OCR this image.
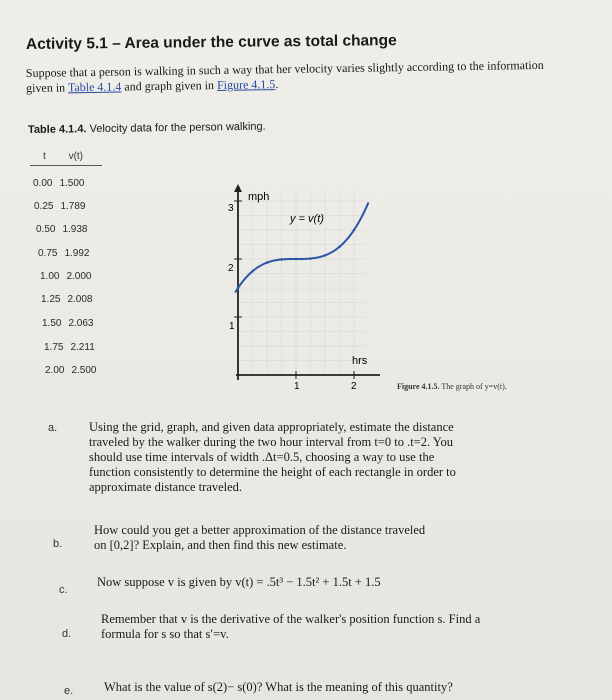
Activity 5.1 – Area under the curve as total change
Suppose that a person is walking in such a way that her velocity varies slightly according to the information given in Table 4.1.4 and graph given in Figure 4.1.5.
Table 4.1.4. Velocity data for the person walking.
t v(t)
0.00 1.500
0.25 1.789
0.50 1.938
0.75 1.992
1.00 2.000
1.25 2.008
1.50 2.063
1.75 2.211
2.00 2.500
mph
hrs
y = v(t)
3
2
1
1	2	Figure 4.1.5. The graph of y=v(t).
a.	Using the grid, graph, and given data appropriately, estimate the distance
traveled by the walker during the two hour interval from t=0 to .t=2. You
should use time intervals of width .Δt=0.5, choosing a way to use the
function consistently to determine the height of each rectangle in order to
approximate distance traveled.
b.
How could you get a better approximation of the distance traveled
on [0,2]? Explain, and then find this new estimate.
c.
Now suppose v is given by v(t) = .5t³ − 1.5t² + 1.5t + 1.5
d.
Remember that v is the derivative of the walker's position function s. Find a
formula for s so that s′=v.
e. What is the value of s(2)− s(0)? What is the meaning of this quantity?
